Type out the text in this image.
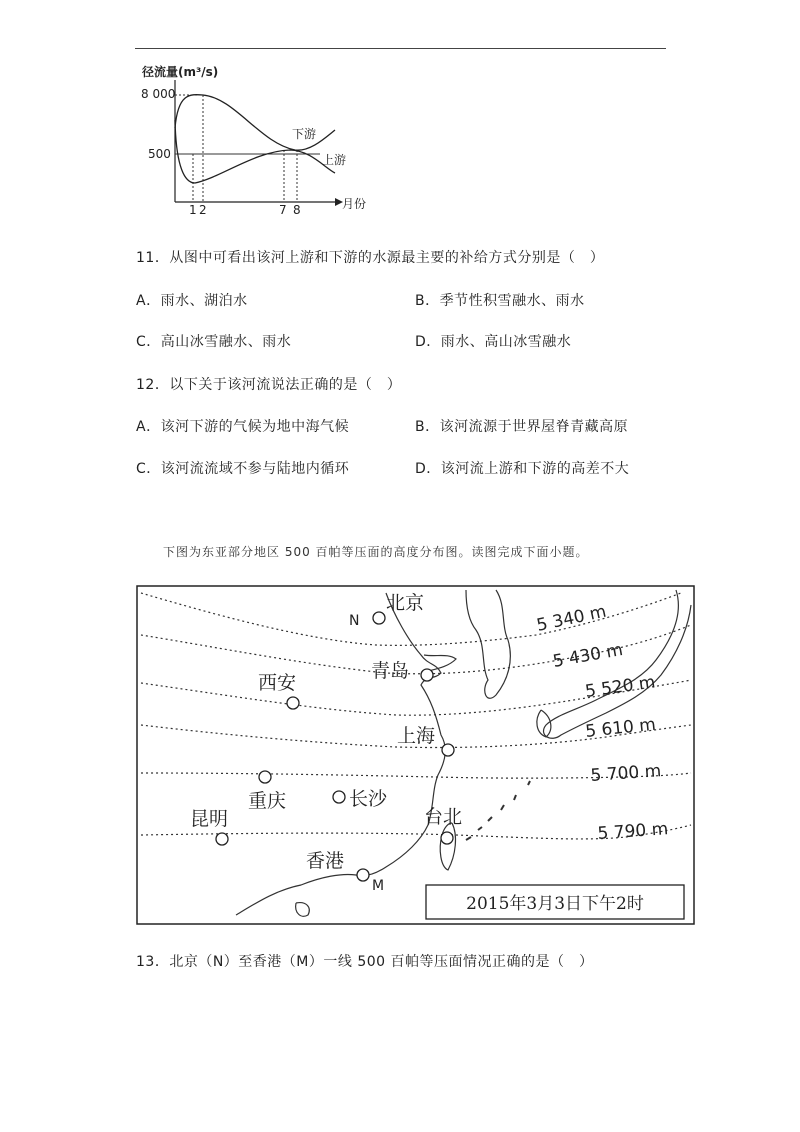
径流量(m³/s)
8 000
500
下游
上游
1 2	7 8	月份
11．从图中可看出该河上游和下游的水源最主要的补给方式分别是（　）
A．雨水、湖泊水	B．季节性积雪融水、雨水
C．高山冰雪融水、雨水	D．雨水、高山冰雪融水
12．以下关于该河流说法正确的是（　）
A．该河下游的气候为地中海气候	B．该河流源于世界屋脊青藏高原
C．该河流流域不参与陆地内循环	D．该河流上游和下游的高差不大
下图为东亚部分地区 500 百帕等压面的高度分布图。读图完成下面小题。
5 340 m
5 430 m
5 520 m
5 610 m
5 700 m
5 790 m
北京
N
青岛
西安
上海
重庆	长沙
昆明	台北
香港
M
2015年3月3日下午2时
13．北京（N）至香港（M）一线 500 百帕等压面情况正确的是（　）
